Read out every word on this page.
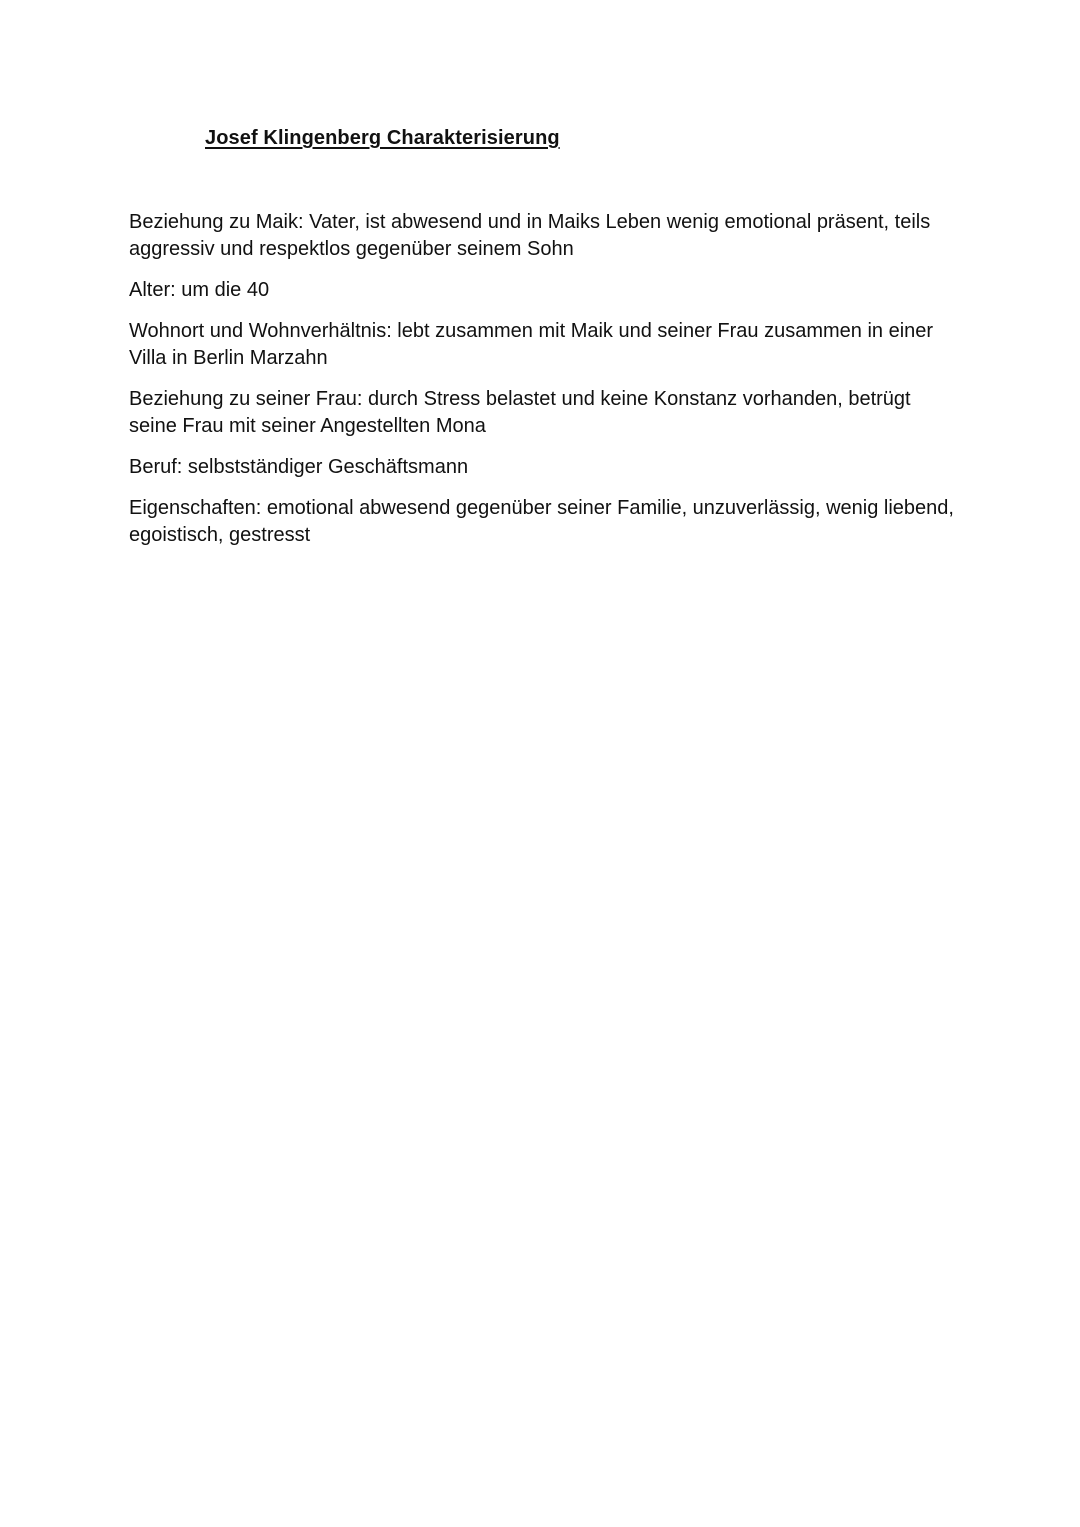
Josef Klingenberg Charakterisierung

Beziehung zu Maik: Vater, ist abwesend und in Maiks Leben wenig emotional präsent, teils aggressiv und respektlos gegenüber seinem Sohn

Alter: um die 40

Wohnort und Wohnverhältnis: lebt zusammen mit Maik und seiner Frau zusammen in einer Villa in Berlin Marzahn

Beziehung zu seiner Frau: durch Stress belastet und keine Konstanz vorhanden, betrügt seine Frau mit seiner Angestellten Mona

Beruf: selbstständiger Geschäftsmann

Eigenschaften: emotional abwesend gegenüber seiner Familie, unzuverlässig, wenig liebend, egoistisch, gestresst
